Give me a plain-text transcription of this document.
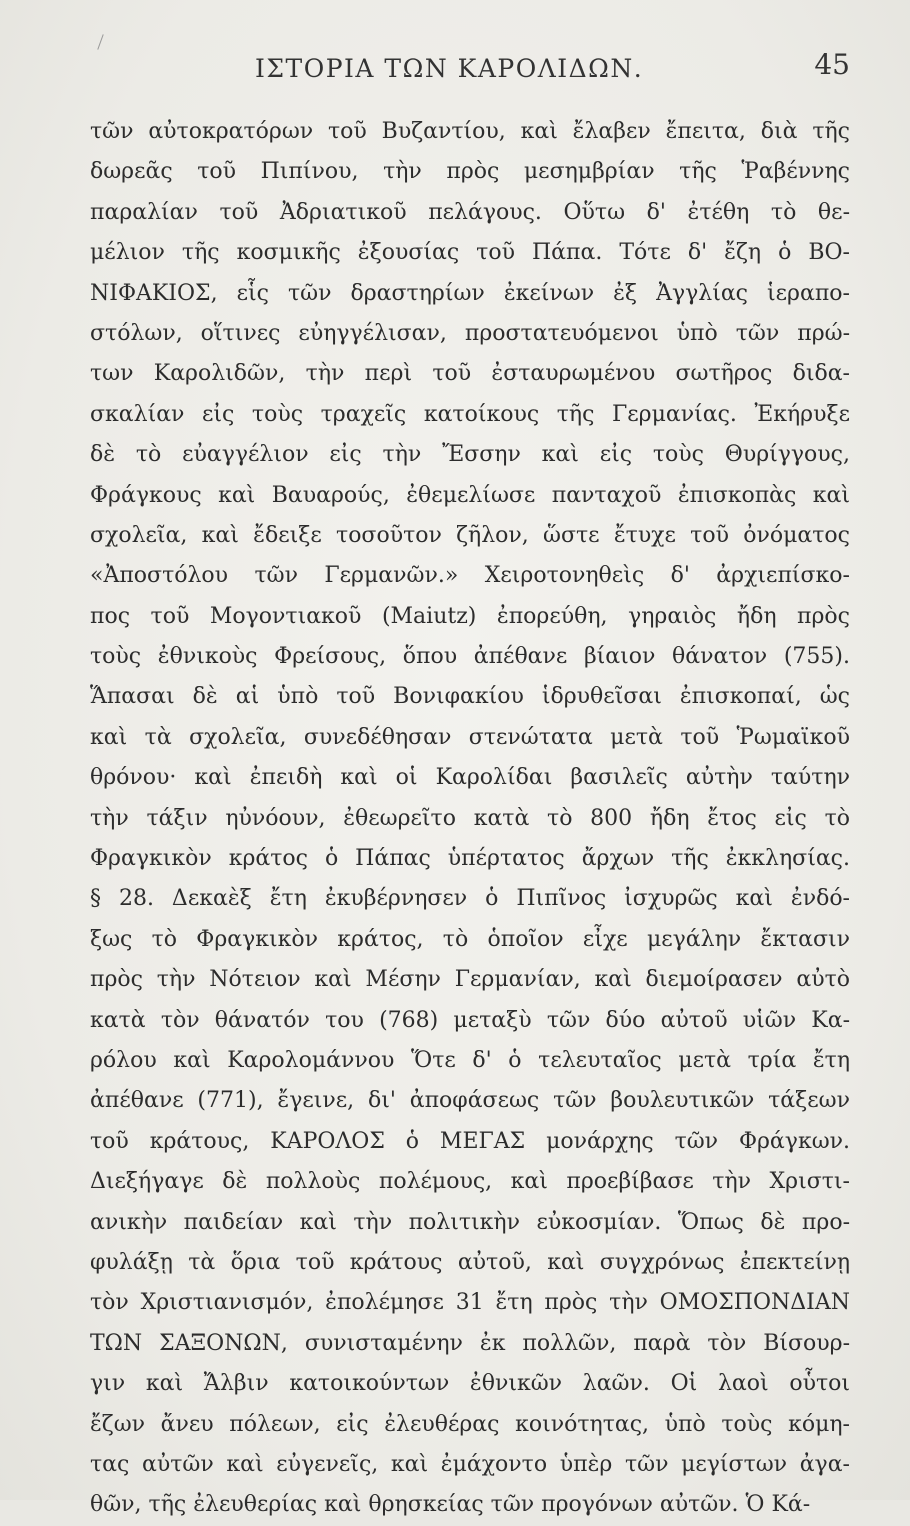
ΙΣΤΟΡΙΑ ΤΩΝ ΚΑΡΟΛΙΔΩΝ.	45
τῶν αὐτοκρατόρων τοῦ Βυζαντίου, καὶ ἔλαβεν ἔπειτα, διὰ τῆς
δωρεᾶς τοῦ Πιπίνου, τὴν πρὸς μεσημβρίαν τῆς Ῥαβέννης
παραλίαν τοῦ Ἀδριατικοῦ πελάγους. Οὕτω δ' ἐτέθη τὸ θε-
μέλιον τῆς κοσμικῆς ἐξουσίας τοῦ Πάπα. Τότε δ' ἔζη ὁ ΒΟ-
ΝΙΦΑΚΙΟΣ, εἷς τῶν δραστηρίων ἐκείνων ἐξ Ἀγγλίας ἱεραπο-
στόλων, οἵτινες εὐηγγέλισαν, προστατευόμενοι ὑπὸ τῶν πρώ-
των Καρολιδῶν, τὴν περὶ τοῦ ἐσταυρωμένου σωτῆρος διδα-
σκαλίαν εἰς τοὺς τραχεῖς κατοίκους τῆς Γερμανίας. Ἐκήρυξε
δὲ τὸ εὐαγγέλιον εἰς τὴν Ἔσσην καὶ εἰς τοὺς Θυρίγγους,
Φράγκους καὶ Βαυαρούς, ἐθεμελίωσε πανταχοῦ ἐπισκοπὰς καὶ
σχολεῖα, καὶ ἔδειξε τοσοῦτον ζῆλον, ὥστε ἔτυχε τοῦ ὀνόματος
«Ἀποστόλου τῶν Γερμανῶν.» Χειροτονηθεὶς δ' ἀρχιεπίσκο-
πος τοῦ Μογοντιακοῦ (Maiutz) ἐπορεύθη, γηραιὸς ἤδη πρὸς
τοὺς ἐθνικοὺς Φρείσους, ὅπου ἀπέθανε βίαιον θάνατον (755).
Ἅπασαι δὲ αἱ ὑπὸ τοῦ Βονιφακίου ἱδρυθεῖσαι ἐπισκοπαί, ὡς
καὶ τὰ σχολεῖα, συνεδέθησαν στενώτατα μετὰ τοῦ Ῥωμαϊκοῦ
θρόνου· καὶ ἐπειδὴ καὶ οἱ Καρολίδαι βασιλεῖς αὐτὴν ταύτην
τὴν τάξιν ηὐνόουν, ἐθεωρεῖτο κατὰ τὸ 800 ἤδη ἔτος εἰς τὸ
Φραγκικὸν κράτος ὁ Πάπας ὑπέρτατος ἄρχων τῆς ἐκκλησίας.
§ 28. Δεκαὲξ ἔτη ἐκυβέρνησεν ὁ Πιπῖνος ἰσχυρῶς καὶ ἐνδό-
ξως τὸ Φραγκικὸν κράτος, τὸ ὁποῖον εἶχε μεγάλην ἔκτασιν
πρὸς τὴν Νότειον καὶ Μέσην Γερμανίαν, καὶ διεμοίρασεν αὐτὸ
κατὰ τὸν θάνατόν του (768) μεταξὺ τῶν δύο αὐτοῦ υἱῶν Κα-
ρόλου καὶ Καρολομάννου Ὅτε δ' ὁ τελευταῖος μετὰ τρία ἔτη
ἀπέθανε (771), ἔγεινε, δι' ἀποφάσεως τῶν βουλευτικῶν τάξεων
τοῦ κράτους, ΚΑΡΟΛΟΣ ὁ ΜΕΓΑΣ μονάρχης τῶν Φράγκων.
Διεξήγαγε δὲ πολλοὺς πολέμους, καὶ προεβίβασε τὴν Χριστι-
ανικὴν παιδείαν καὶ τὴν πολιτικὴν εὐκοσμίαν. Ὅπως δὲ προ-
φυλάξῃ τὰ ὅρια τοῦ κράτους αὐτοῦ, καὶ συγχρόνως ἐπεκτείνῃ
τὸν Χριστιανισμόν, ἐπολέμησε 31 ἔτη πρὸς τὴν ΟΜΟΣΠΟΝΔΙΑΝ
ΤΩΝ ΣΑΞΟΝΩΝ, συνισταμένην ἐκ πολλῶν, παρὰ τὸν Βίσουρ-
γιν καὶ Ἄλβιν κατοικούντων ἐθνικῶν λαῶν. Οἱ λαοὶ οὗτοι
ἔζων ἄνευ πόλεων, εἰς ἐλευθέρας κοινότητας, ὑπὸ τοὺς κόμη-
τας αὐτῶν καὶ εὐγενεῖς, καὶ ἐμάχοντο ὑπὲρ τῶν μεγίστων ἀγα-
θῶν, τῆς ἐλευθερίας καὶ θρησκείας τῶν προγόνων αὐτῶν. Ὁ Κά-
